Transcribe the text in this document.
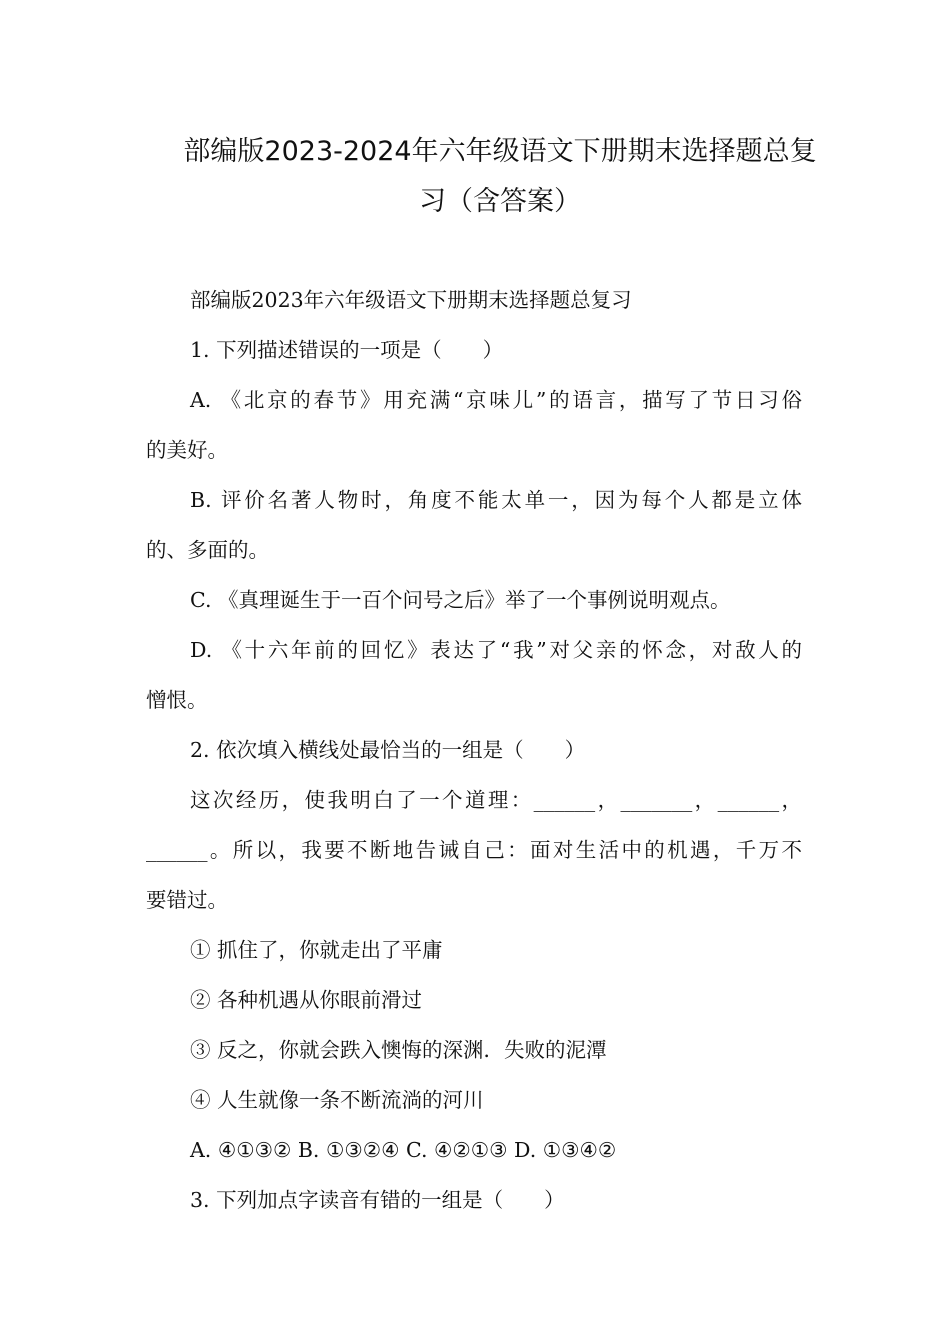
部编版2023-2024年六年级语文下册期末选择题总复
习（含答案）
部编版2023年六年级语文下册期末选择题总复习
1. 下列描述错误的一项是（　　）
A. 《北京的春节》用充满“京味儿”的语言，描写了节日习俗
的美好。
B. 评价名著人物时，角度不能太单一，因为每个人都是立体
的、多面的。
C. 《真理诞生于一百个问号之后》举了一个事例说明观点。
D. 《十六年前的回忆》表达了“我”对父亲的怀念，对敌人的
憎恨。
2. 依次填入横线处最恰当的一组是（　　）
这次经历，使我明白了一个道理：______，_______，______，
______。所以，我要不断地告诫自己：面对生活中的机遇，千万不
要错过。
① 抓住了，你就走出了平庸
② 各种机遇从你眼前滑过
③ 反之，你就会跌入懊悔的深渊．失败的泥潭
④ 人生就像一条不断流淌的河川
A. ④①③② B. ①③②④ C. ④②①③ D. ①③④②
3. 下列加点字读音有错的一组是（　　）
